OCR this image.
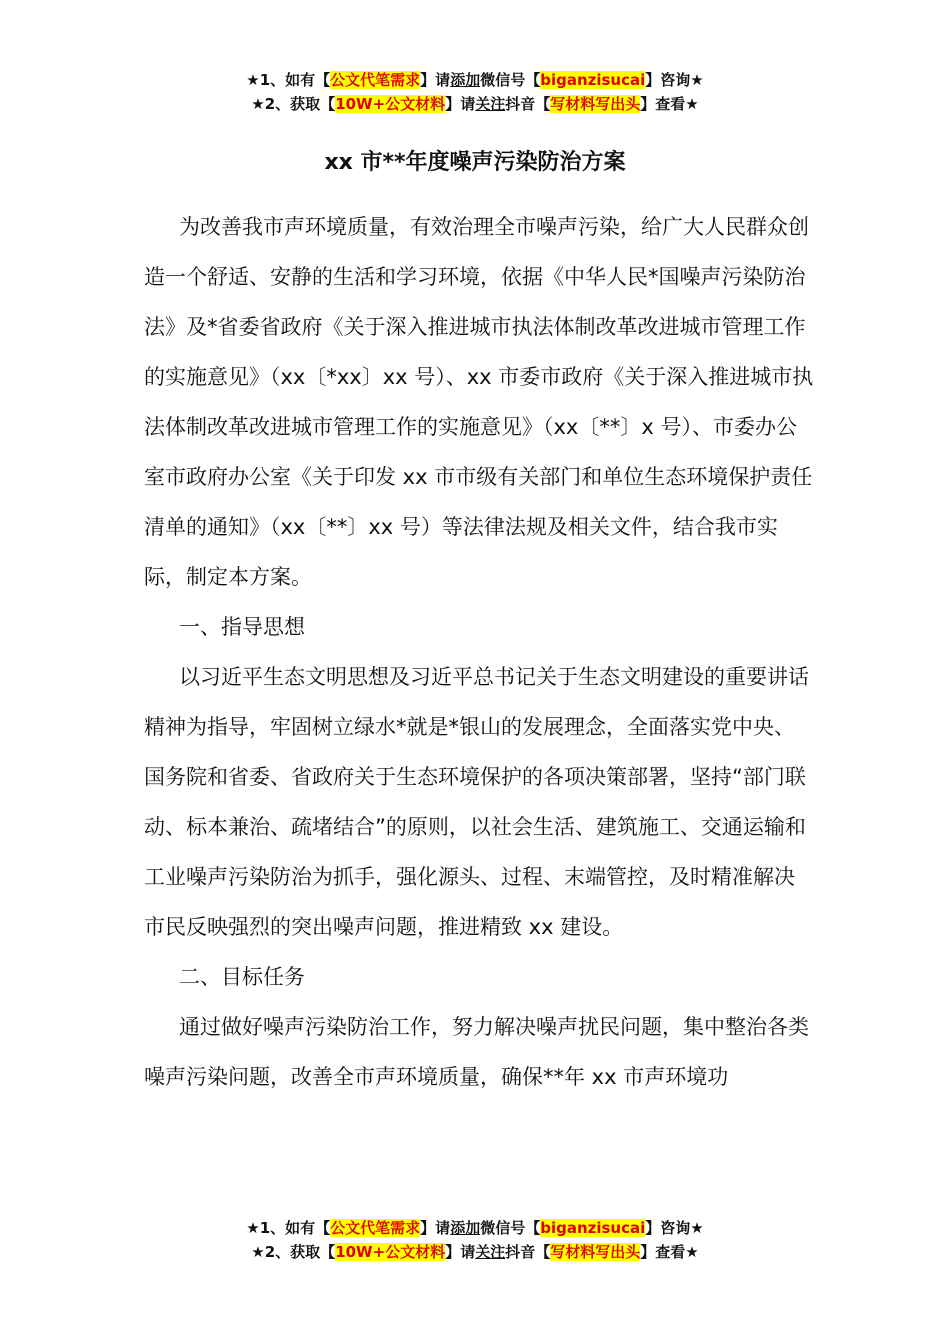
★1、如有【公文代笔需求】请添加微信号【biganzisucai】咨询★
★2、获取【10W+公文材料】请关注抖音【写材料写出头】查看★
xx 市**年度噪声污染防治方案

为改善我市声环境质量，有效治理全市噪声污染，给广大人民群众创造一个舒适、安静的生活和学习环境，依据《中华人民*国噪声污染防治法》及*省委省政府《关于深入推进城市执法体制改革改进城市管理工作的实施意见》（xx〔*xx〕xx 号）、xx 市委市政府《关于深入推进城市执法体制改革改进城市管理工作的实施意见》（xx〔**〕x 号）、市委办公室市政府办公室《关于印发 xx 市市级有关部门和单位生态环境保护责任清单的通知》（xx〔**〕xx 号）等法律法规及相关文件，结合我市实际，制定本方案。

一、指导思想

以习近平生态文明思想及习近平总书记关于生态文明建设的重要讲话精神为指导，牢固树立绿水*就是*银山的发展理念，全面落实党中央、国务院和省委、省政府关于生态环境保护的各项决策部署，坚持“部门联动、标本兼治、疏堵结合”的原则，以社会生活、建筑施工、交通运输和工业噪声污染防治为抓手，强化源头、过程、末端管控，及时精准解决市民反映强烈的突出噪声问题，推进精致 xx 建设。

二、目标任务

通过做好噪声污染防治工作，努力解决噪声扰民问题，集中整治各类噪声污染问题，改善全市声环境质量，确保**年 xx 市声环境功

★1、如有【公文代笔需求】请添加微信号【biganzisucai】咨询★
★2、获取【10W+公文材料】请关注抖音【写材料写出头】查看★
